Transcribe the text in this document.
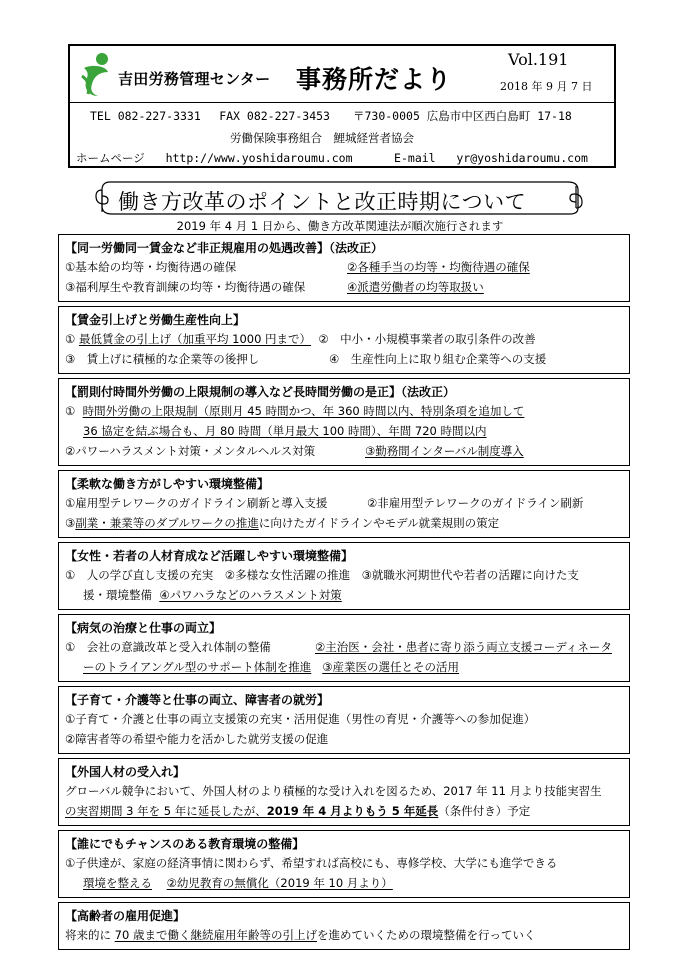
吉田労務管理センター 事務所だより
Vol.191
2018 年 9 月 7 日
TEL 082-227-3331　 FAX 082-227-3453　　〒730-0005 広島市中区西白島町 17-18
労働保険事務組合　鯉城経営者協会
ホームページ http://www.yoshidaroumu.com	E-mail yr@yoshidaroumu.com
働き方改革のポイントと改正時期について
2019 年 4 月 1 日から、働き方改革関連法が順次施行されます
【同一労働同一賃金など非正規雇用の処遇改善】（法改正）
①基本給の均等・均衡待遇の確保	②各種手当の均等・均衡待遇の確保
③福利厚生や教育訓練の均等・均衡待遇の確保	④派遣労働者の均等取扱い
【賃金引上げと労働生産性向上】
① 最低賃金の引上げ（加重平均 1000 円まで） ②　中小・小規模事業者の取引条件の改善
③　賃上げに積極的な企業等の後押し	④　生産性向上に取り組む企業等への支援
【罰則付時間外労働の上限規制の導入など長時間労働の是正】（法改正）
① 時間外労働の上限規制（原則月 45 時間かつ、年 360 時間以内、特別条項を追加して
36 協定を結ぶ場合も、月 80 時間（単月最大 100 時間）、年間 720 時間以内
②パワーハラスメント対策・メンタルヘルス対策	③勤務間インターバル制度導入
【柔軟な働き方がしやすい環境整備】
①雇用型テレワークのガイドライン刷新と導入支援	②非雇用型テレワークのガイドライン刷新
③副業・兼業等のダブルワークの推進に向けたガイドラインやモデル就業規則の策定
【女性・若者の人材育成など活躍しやすい環境整備】
①　人の学び直し支援の充実　②多様な女性活躍の推進　③就職氷河期世代や若者の活躍に向けた支
援・環境整備 ④パワハラなどのハラスメント対策
【病気の治療と仕事の両立】
①　会社の意識改革と受入れ体制の整備	②主治医・会社・患者に寄り添う両立支援コーディネータ
ーのトライアングル型のサポート体制を推進 ③産業医の選任とその活用
【子育て・介護等と仕事の両立、障害者の就労】
①子育て・介護と仕事の両立支援策の充実・活用促進（男性の育児・介護等への参加促進）
②障害者等の希望や能力を活かした就労支援の促進
【外国人材の受入れ】
グローバル競争において、外国人材のより積極的な受け入れを図るため、2017 年 11 月より技能実習生
の実習期間 3 年を 5 年に延長したが、2019 年 4 月よりもう 5 年延長（条件付き）予定
【誰にでもチャンスのある教育環境の整備】
①子供達が、家庭の経済事情に関わらず、希望すれば高校にも、専修学校、大学にも進学できる
環境を整える ②幼児教育の無償化（2019 年 10 月より）
【高齢者の雇用促進】
将来的に 70 歳まで働く継続雇用年齢等の引上げを進めていくための環境整備を行っていく
